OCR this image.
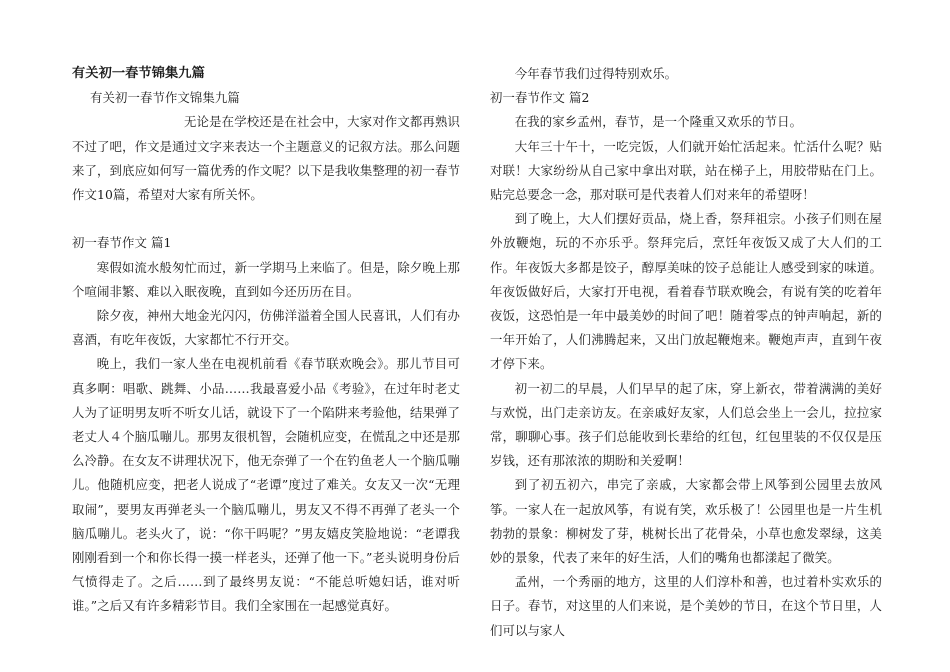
有关初一春节锦集九篇
有关初一春节作文锦集九篇

无论是在学校还是在社会中，大家对作文都再熟识不过了吧，作文是通过文字来表达一个主题意义的记叙方法。那么问题来了，到底应如何写一篇优秀的作文呢？以下是我收集整理的初一春节作文10篇，希望对大家有所关怀。

初一春节作文 篇1

寒假如流水般匆忙而过，新一学期马上来临了。但是，除夕晚上那个喧闹非繁、难以入眠夜晚，直到如今还历历在目。

除夕夜，神州大地金光闪闪，仿佛洋溢着全国人民喜讯，人们有办喜酒，有吃年夜饭，大家都忙不行开交。

晚上，我们一家人坐在电视机前看《春节联欢晚会》。那儿节目可真多啊：唱歌、跳舞、小品……我最喜爱小品《考验》，在过年时老丈人为了证明男友听不听女儿话，就设下了一个陷阱来考验他，结果弹了老丈人４个脑瓜嘣儿。那男友很机智，会随机应变，在慌乱之中还是那么冷静。在女友不讲理状况下，他无奈弹了一个在钓鱼老人一个脑瓜嘣儿。他随机应变，把老人说成了“老谭”度过了难关。女友又一次“无理取闹”，要男友再弹老头一个脑瓜嘣儿，男友又不得不再弹了老头一个脑瓜嘣儿。老头火了，说：“你干吗呢？”男友嬉皮笑脸地说：“老谭我刚刚看到一个和你长得一摸一样老头，还弹了他一下。”老头说明身份后气愤得走了。之后……到了最终男友说：“不能总听媳妇话，谁对听谁。”之后又有许多精彩节目。我们全家围在一起感觉真好。

今年春节我们过得特别欢乐。

初一春节作文 篇2

在我的家乡孟州，春节，是一个隆重又欢乐的节日。

大年三十午十，一吃完饭，人们就开始忙活起来。忙活什么呢？贴对联！大家纷纷从自己家中拿出对联，站在梯子上，用胶带贴在门上。贴完总要念一念，那对联可是代表着人们对来年的希望呀！

到了晚上，大人们摆好贡品，烧上香，祭拜祖宗。小孩子们则在屋外放鞭炮，玩的不亦乐乎。祭拜完后，烹饪年夜饭又成了大人们的工作。年夜饭大多都是饺子，醇厚美味的饺子总能让人感受到家的味道。年夜饭做好后，大家打开电视，看着春节联欢晚会，有说有笑的吃着年夜饭，这恐怕是一年中最美妙的时间了吧！随着零点的钟声响起，新的一年开始了，人们沸腾起来，又出门放起鞭炮来。鞭炮声声，直到午夜才停下来。

初一初二的早晨，人们早早的起了床，穿上新衣，带着满满的美好与欢悦，出门走亲访友。在亲戚好友家，人们总会坐上一会儿，拉拉家常，聊聊心事。孩子们总能收到长辈给的红包，红包里装的不仅仅是压岁钱，还有那浓浓的期盼和关爱啊！

到了初五初六，串完了亲戚，大家都会带上风筝到公园里去放风筝。一家人在一起放风筝，有说有笑，欢乐极了！公园里也是一片生机勃勃的景象：柳树发了芽，桃树长出了花骨朵，小草也愈发翠绿，这美妙的景象，代表了来年的好生活，人们的嘴角也都漾起了微笑。

孟州，一个秀丽的地方，这里的人们淳朴和善，也过着朴实欢乐的日子。春节，对这里的人们来说，是个美妙的节日，在这个节日里，人们可以与家人
